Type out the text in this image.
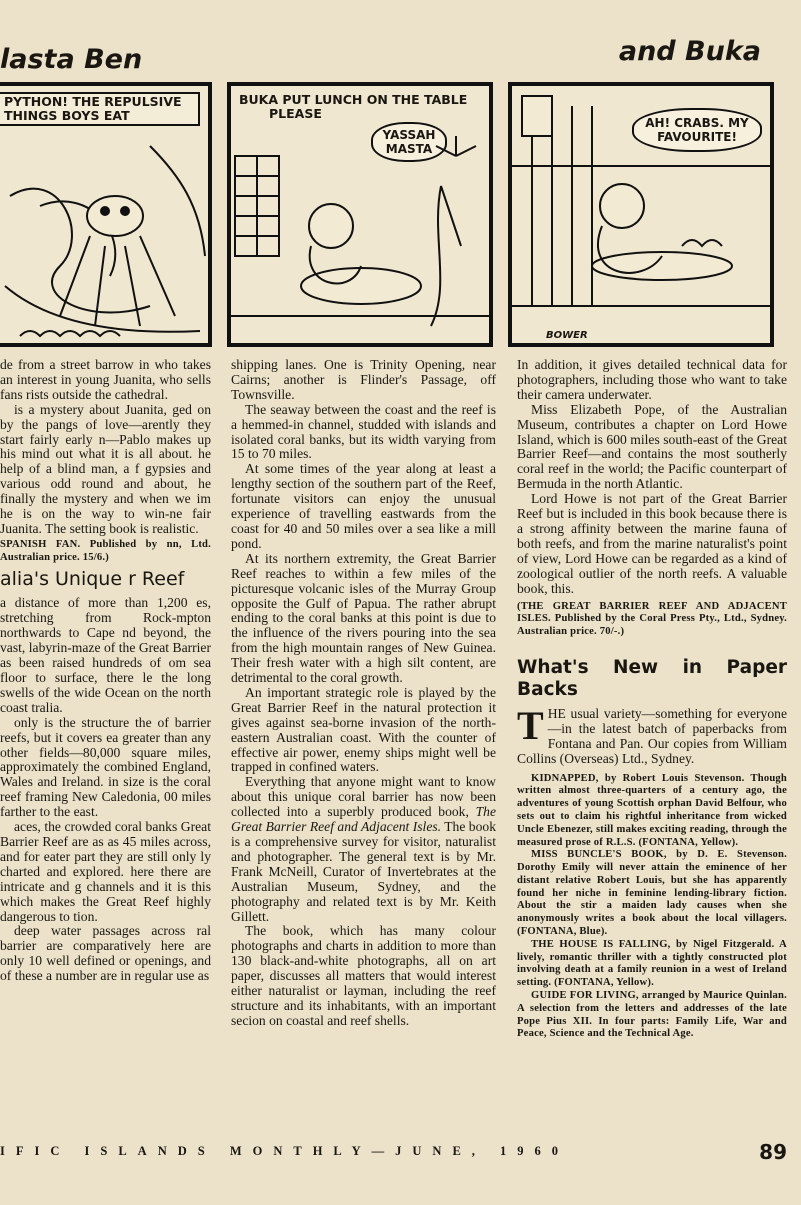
lasta Ben	and Buka
PYTHON! THE REPULSIVE THINGS BOYS EAT
BUKA PUT LUNCH ON THE TABLE
PLEASE
YASSAH MASTA
AH! CRABS. MY FAVOURITE!
BOWER

de from a street barrow in who takes an interest in young Juanita, who sells fans rists outside the cathedral.

is a mystery about Juanita, ged on by the pangs of love—arently they start fairly early n—Pablo makes up his mind out what it is all about. he help of a blind man, a f gypsies and various odd round and about, he finally the mystery and when we im he is on the way to win-ne fair Juanita. The setting book is realistic.

SPANISH FAN. Published by nn, Ltd. Australian price. 15/6.)

alia's Unique r Reef

a distance of more than 1,200 es, stretching from Rock-mpton northwards to Cape nd beyond, the vast, labyrin-maze of the Great Barrier as been raised hundreds of om sea floor to surface, there le the long swells of the wide Ocean on the north coast tralia.

only is the structure the of barrier reefs, but it covers ea greater than any other fields—80,000 square miles, approximately the combined England, Wales and Ireland. in size is the coral reef framing New Caledonia, 00 miles farther to the east.

aces, the crowded coral banks Great Barrier Reef are as as 45 miles across, and for eater part they are still only ly charted and explored. here there are intricate and g channels and it is this which makes the Great Reef highly dangerous to tion.

deep water passages across ral barrier are comparatively here are only 10 well defined or openings, and of these a number are in regular use as

shipping lanes. One is Trinity Opening, near Cairns; another is Flinder's Passage, off Townsville.

The seaway between the coast and the reef is a hemmed-in channel, studded with islands and isolated coral banks, but its width varying from 15 to 70 miles.

At some times of the year along at least a lengthy section of the southern part of the Reef, fortunate visitors can enjoy the unusual experience of travelling eastwards from the coast for 40 and 50 miles over a sea like a mill pond.

At its northern extremity, the Great Barrier Reef reaches to within a few miles of the picturesque volcanic isles of the Murray Group opposite the Gulf of Papua. The rather abrupt ending to the coral banks at this point is due to the influence of the rivers pouring into the sea from the high mountain ranges of New Guinea. Their fresh water with a high silt content, are detrimental to the coral growth.

An important strategic role is played by the Great Barrier Reef in the natural protection it gives against sea-borne invasion of the north-eastern Australian coast. With the counter of effective air power, enemy ships might well be trapped in confined waters.

Everything that anyone might want to know about this unique coral barrier has now been collected into a superbly produced book, The Great Barrier Reef and Adjacent Isles. The book is a comprehensive survey for visitor, naturalist and photographer. The general text is by Mr. Frank McNeill, Curator of Invertebrates at the Australian Museum, Sydney, and the photography and related text is by Mr. Keith Gillett.

The book, which has many colour photographs and charts in addition to more than 130 black-and-white photographs, all on art paper, discusses all matters that would interest either naturalist or layman, including the reef structure and its inhabitants, with an important secion on coastal and reef shells.

In addition, it gives detailed technical data for photographers, including those who want to take their camera underwater.

Miss Elizabeth Pope, of the Australian Museum, contributes a chapter on Lord Howe Island, which is 600 miles south-east of the Great Barrier Reef—and contains the most southerly coral reef in the world; the Pacific counterpart of Bermuda in the north Atlantic.

Lord Howe is not part of the Great Barrier Reef but is included in this book because there is a strong affinity between the marine fauna of both reefs, and from the marine naturalist's point of view, Lord Howe can be regarded as a kind of zoological outlier of the north reefs. A valuable book, this.

(THE GREAT BARRIER REEF AND ADJACENT ISLES. Published by the Coral Press Pty., Ltd., Sydney. Australian price. 70/-.)

What's New in Paper Backs

THE usual variety—something for everyone—in the latest batch of paperbacks from Fontana and Pan. Our copies from William Collins (Overseas) Ltd., Sydney.

KIDNAPPED, by Robert Louis Stevenson. Though written almost three-quarters of a century ago, the adventures of young Scottish orphan David Belfour, who sets out to claim his rightful inheritance from wicked Uncle Ebenezer, still makes exciting reading, through the measured prose of R.L.S. (FONTANA, Yellow).

MISS BUNCLE'S BOOK, by D. E. Stevenson. Dorothy Emily will never attain the eminence of her distant relative Robert Louis, but she has apparently found her niche in feminine lending-library fiction. About the stir a maiden lady causes when she anonymously writes a book about the local villagers. (FONTANA, Blue).

THE HOUSE IS FALLING, by Nigel Fitzgerald. A lively, romantic thriller with a tightly constructed plot involving death at a family reunion in a west of Ireland setting. (FONTANA, Yellow).

GUIDE FOR LIVING, arranged by Maurice Quinlan. A selection from the letters and addresses of the late Pope Pius XII. In four parts: Family Life, War and Peace, Science and the Technical Age.

IFIC ISLANDS MONTHLY—JUNE, 1960	89
